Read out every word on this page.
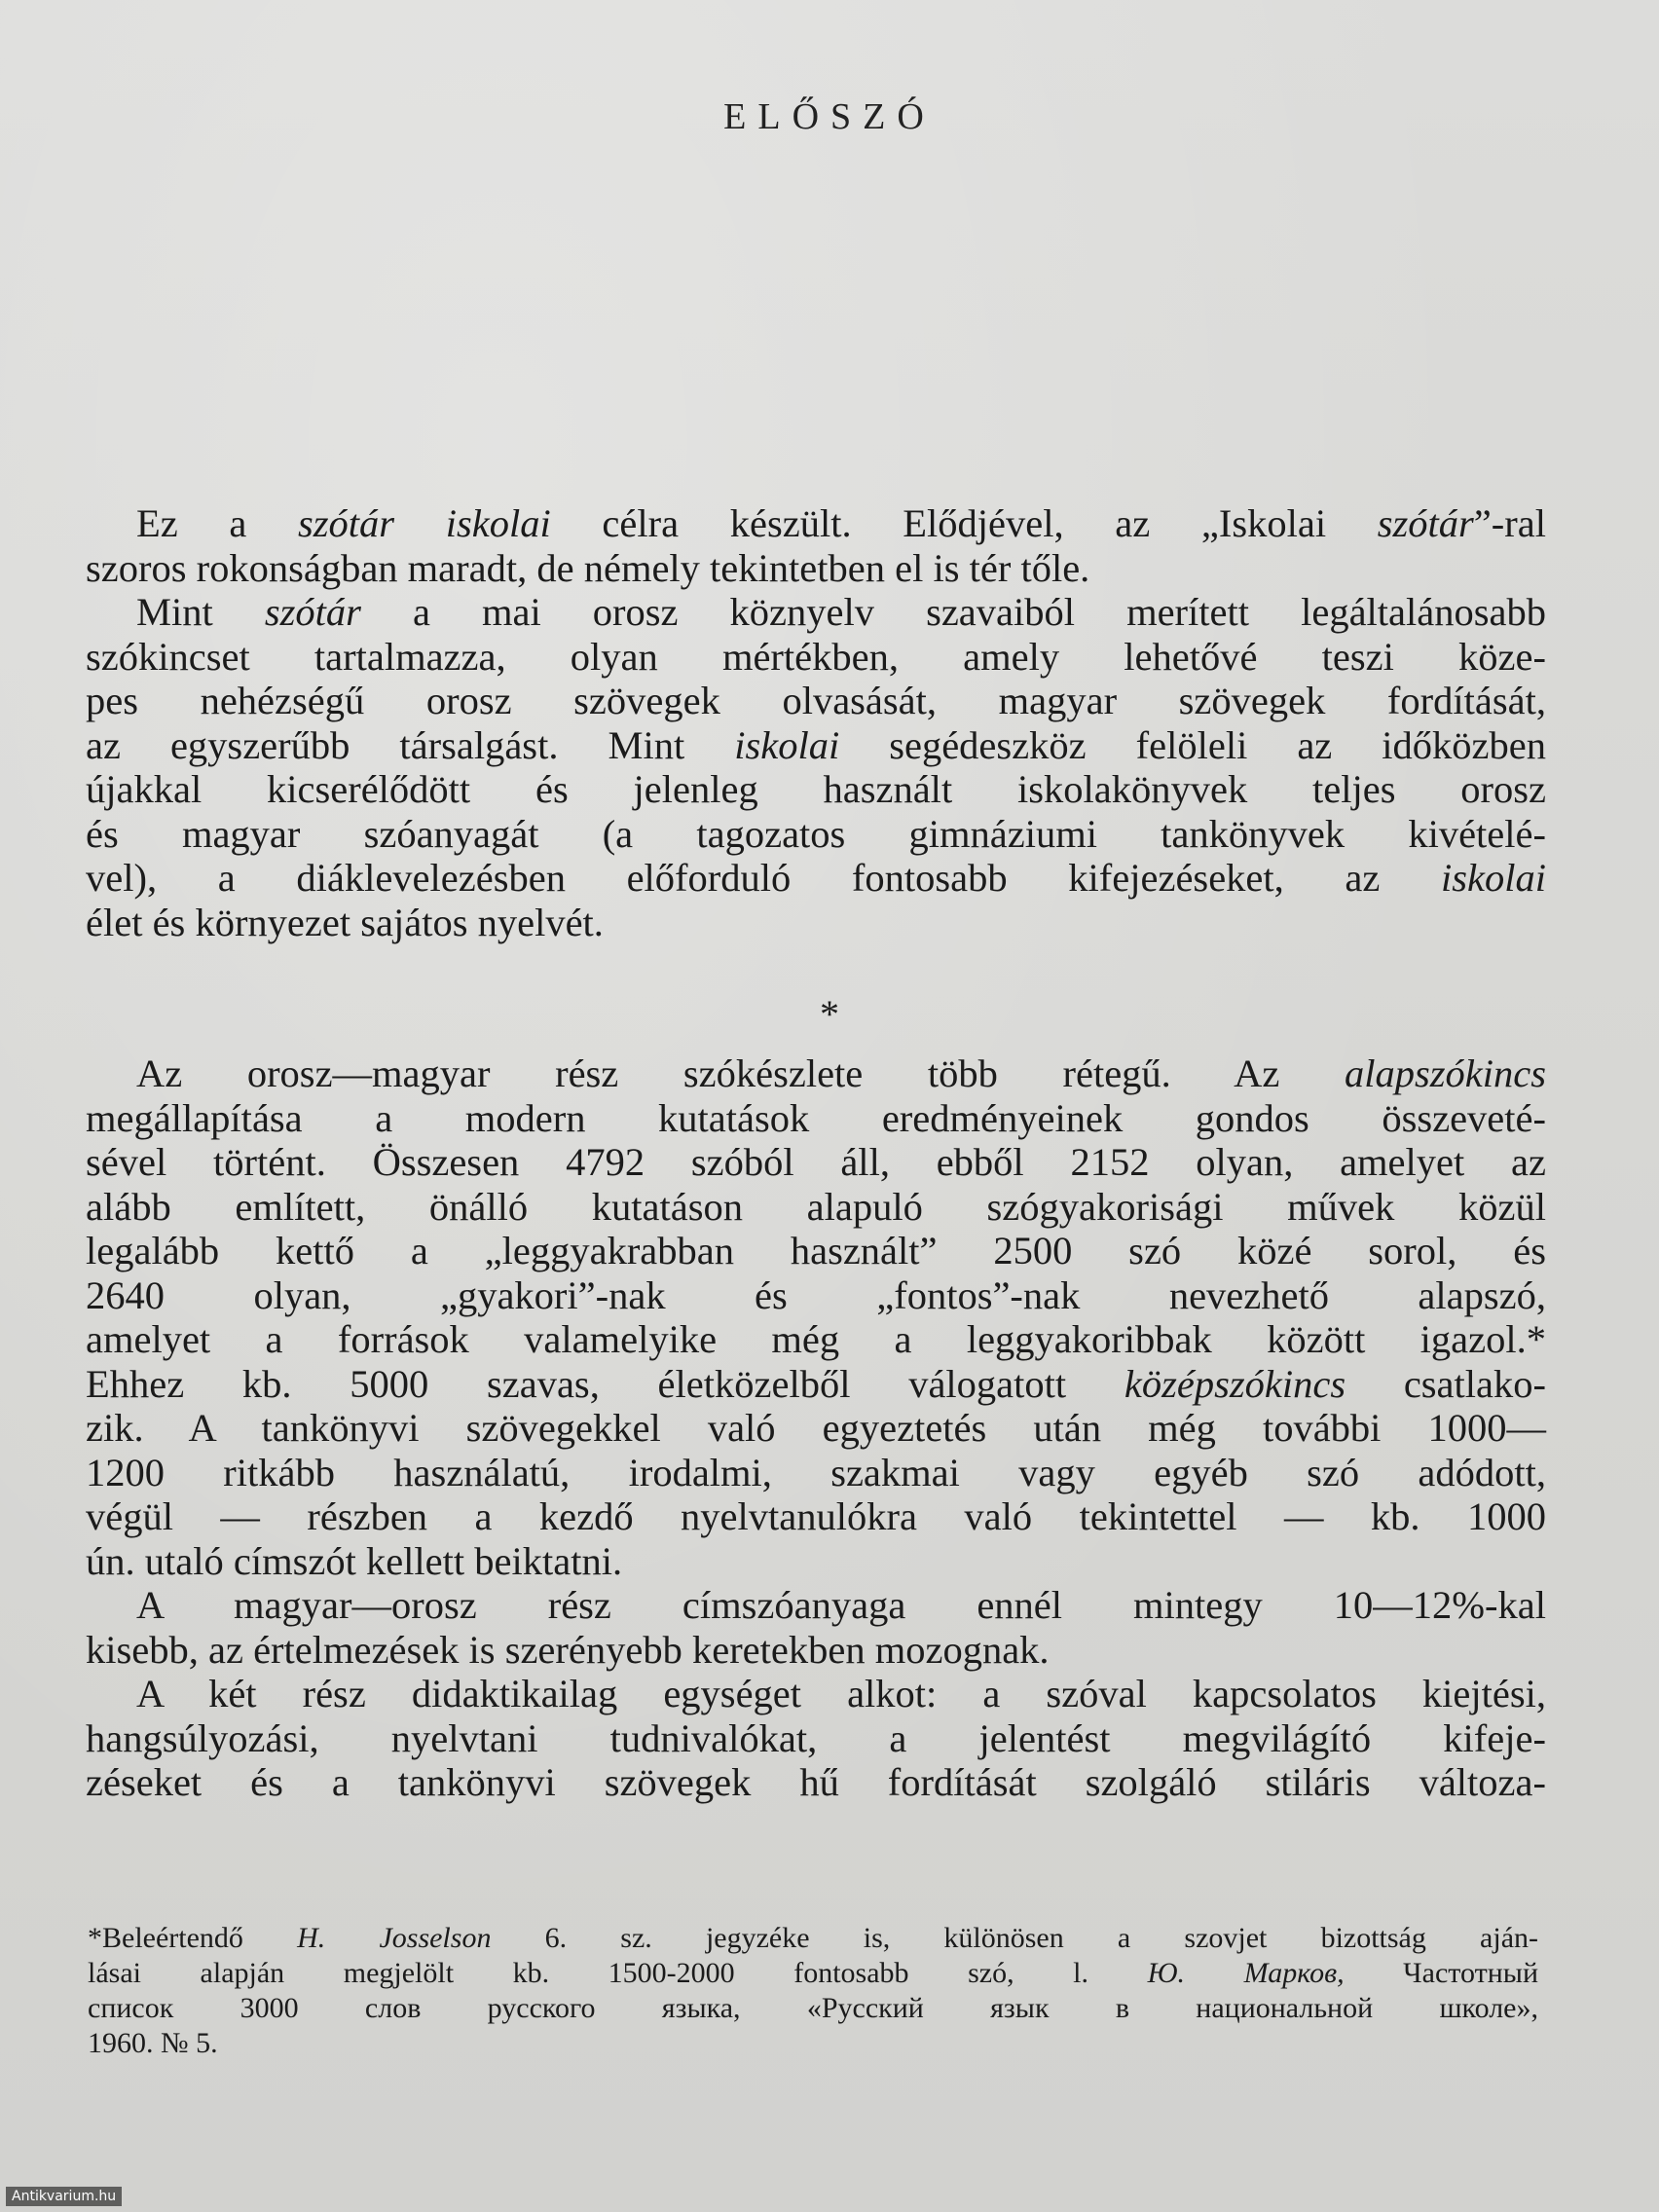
ELŐSZÓ
Ez a szótár iskolai célra készült. Elődjével, az „Iskolai szótár”-ral
szoros rokonságban maradt, de némely tekintetben el is tér tőle.
Mint szótár a mai orosz köznyelv szavaiból merített legáltalánosabb
szókincset tartalmazza, olyan mértékben, amely lehetővé teszi köze-
pes nehézségű orosz szövegek olvasását, magyar szövegek fordítását,
az egyszerűbb társalgást. Mint iskolai segédeszköz felöleli az időközben
újakkal kicserélődött és jelenleg használt iskolakönyvek teljes orosz
és magyar szóanyagát (a tagozatos gimnáziumi tankönyvek kivételé-
vel), a diáklevelezésben előforduló fontosabb kifejezéseket, az iskolai
élet és környezet sajátos nyelvét.
*
Az orosz—magyar rész szókészlete több rétegű. Az alapszókincs
megállapítása a modern kutatások eredményeinek gondos összeveté-
sével történt. Összesen 4792 szóból áll, ebből 2152 olyan, amelyet az
alább említett, önálló kutatáson alapuló szógyakorisági művek közül
legalább kettő a „leggyakrabban használt” 2500 szó közé sorol, és
2640 olyan, „gyakori”-nak és „fontos”-nak nevezhető alapszó,
amelyet a források valamelyike még a leggyakoribbak között igazol.*
Ehhez kb. 5000 szavas, életközelből válogatott középszókincs csatlako-
zik. A tankönyvi szövegekkel való egyeztetés után még további 1000—
1200 ritkább használatú, irodalmi, szakmai vagy egyéb szó adódott,
végül — részben a kezdő nyelvtanulókra való tekintettel — kb. 1000
ún. utaló címszót kellett beiktatni.
A magyar—orosz rész címszóanyaga ennél mintegy 10—12%-kal
kisebb, az értelmezések is szerényebb keretekben mozognak.
A két rész didaktikailag egységet alkot: a szóval kapcsolatos kiejtési,
hangsúlyozási, nyelvtani tudnivalókat, a jelentést megvilágító kifeje-
zéseket és a tankönyvi szövegek hű fordítását szolgáló stiláris változa-
*Beleértendő H. Josselson 6. sz. jegyzéke is, különösen a szovjet bizottság aján-
lásai alapján megjelölt kb. 1500-2000 fontosabb szó, l. Ю. Марков, Частотный
список 3000 слов русского языка, «Русский язык в национальной школе»,
1960. № 5.
Antikvarium.hu
